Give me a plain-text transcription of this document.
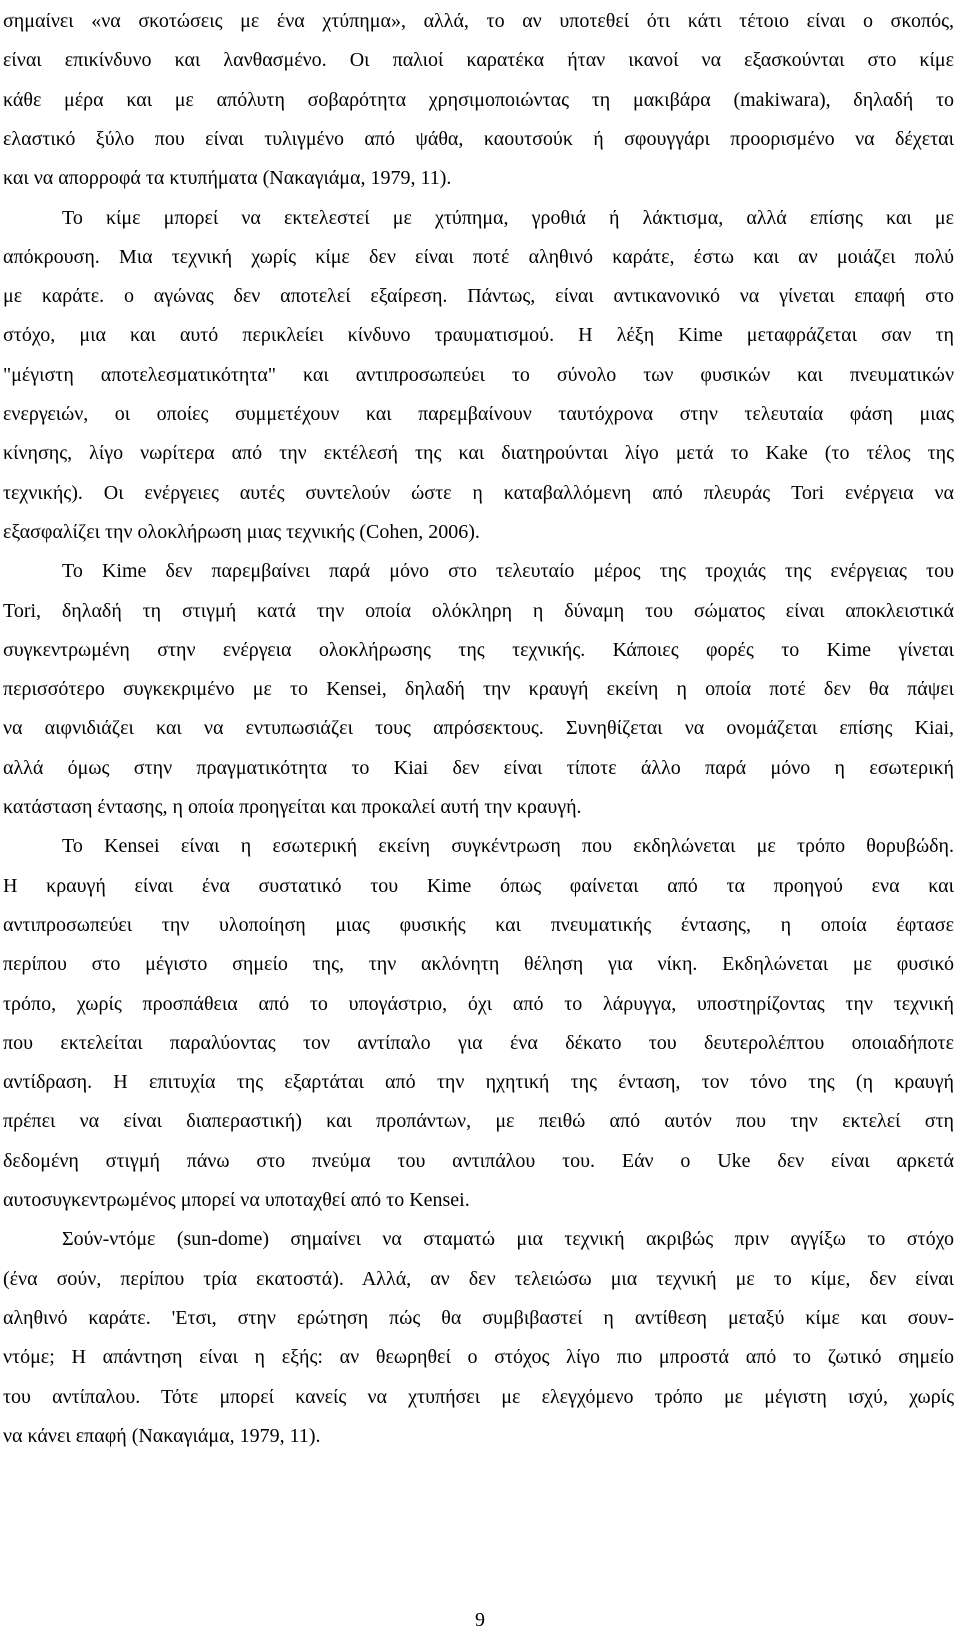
σημαίνει «να σκοτώσεις με ένα χτύπημα», αλλά, το αν υποτεθεί ότι κάτι τέτοιο είναι ο σκοπός,
είναι επικίνδυνο και λανθασμένο. Οι παλιοί καρατέκα ήταν ικανοί να εξασκούνται στο κίμε
κάθε μέρα και με απόλυτη σοβαρότητα χρησιμοποιώντας τη μακιβάρα (makiwara), δηλαδή το
ελαστικό ξύλο που είναι τυλιγμένο από ψάθα, καουτσούκ ή σφουγγάρι προορισμένο να δέχεται
και να απορροφά τα κτυπήματα (Νακαγιάμα, 1979, 11).
Το κίμε μπορεί να εκτελεστεί με χτύπημα, γροθιά ή λάκτισμα, αλλά επίσης και με
απόκρουση. Μια τεχνική χωρίς κίμε δεν είναι ποτέ αληθινό καράτε, έστω και αν μοιάζει πολύ
με καράτε. ο αγώνας δεν αποτελεί εξαίρεση. Πάντως, είναι αντικανονικό να γίνεται επαφή στο
στόχο, μια και αυτό περικλείει κίνδυνο τραυματισμού. Η λέξη Kime μεταφράζεται σαν τη
"μέγιστη αποτελεσματικότητα" και αντιπροσωπεύει το σύνολο των φυσικών και πνευματικών
ενεργειών, οι οποίες συμμετέχουν και παρεμβαίνουν ταυτόχρονα στην τελευταία φάση μιας
κίνησης, λίγο νωρίτερα από την εκτέλεσή της και διατηρούνται λίγο μετά το Kake (το τέλος της
τεχνικής). Οι ενέργειες αυτές συντελούν ώστε η καταβαλλόμενη από πλευράς Tori ενέργεια να
εξασφαλίζει την ολοκλήρωση μιας τεχνικής (Cohen, 2006).
Το Kime δεν παρεμβαίνει παρά μόνο στο τελευταίο μέρος της τροχιάς της ενέργειας του
Tori, δηλαδή τη στιγμή κατά την οποία ολόκληρη η δύναμη του σώματος είναι αποκλειστικά
συγκεντρωμένη στην ενέργεια ολοκλήρωσης της τεχνικής. Κάποιες φορές το Kime γίνεται
περισσότερο συγκεκριμένο με το Kensei, δηλαδή την κραυγή εκείνη η οποία ποτέ δεν θα πάψει
να αιφνιδιάζει και να εντυπωσιάζει τους απρόσεκτους. Συνηθίζεται να ονομάζεται επίσης Kiai,
αλλά όμως στην πραγματικότητα το Kiai δεν είναι τίποτε άλλο παρά μόνο η εσωτερική
κατάσταση έντασης, η οποία προηγείται και προκαλεί αυτή την κραυγή.
Το Kensei είναι η εσωτερική εκείνη συγκέντρωση που εκδηλώνεται με τρόπο θορυβώδη.
Η κραυγή είναι ένα συστατικό του Kime όπως φαίνεται από τα προηγού ενα και
αντιπροσωπεύει την υλοποίηση μιας φυσικής και πνευματικής έντασης, η οποία έφτασε
περίπου στο μέγιστο σημείο της, την ακλόνητη θέληση για νίκη. Εκδηλώνεται με φυσικό
τρόπο, χωρίς προσπάθεια από το υπογάστριο, όχι από το λάρυγγα, υποστηρίζοντας την τεχνική
που εκτελείται παραλύοντας τον αντίπαλο για ένα δέκατο του δευτερολέπτου οποιαδήποτε
αντίδραση. Η επιτυχία της εξαρτάται από την ηχητική της ένταση, τον τόνο της (η κραυγή
πρέπει να είναι διαπεραστική) και προπάντων, με πειθώ από αυτόν που την εκτελεί στη
δεδομένη στιγμή πάνω στο πνεύμα του αντιπάλου του. Εάν ο Uke δεν είναι αρκετά
αυτοσυγκεντρωμένος μπορεί να υποταχθεί από το Kensei.
Σούν-ντόμε (sun-dome) σημαίνει να σταματώ μια τεχνική ακριβώς πριν αγγίξω το στόχο
(ένα σούν, περίπου τρία εκατοστά). Αλλά, αν δεν τελειώσω μια τεχνική με το κίμε, δεν είναι
αληθινό καράτε. 'Ετσι, στην ερώτηση πώς θα συμβιβαστεί η αντίθεση μεταξύ κίμε και σουν-
ντόμε; Η απάντηση είναι η εξής: αν θεωρηθεί ο στόχος λίγο πιο μπροστά από το ζωτικό σημείο
του αντίπαλου. Τότε μπορεί κανείς να χτυπήσει με ελεγχόμενο τρόπο με μέγιστη ισχύ, χωρίς
να κάνει επαφή (Νακαγιάμα, 1979, 11).
9
